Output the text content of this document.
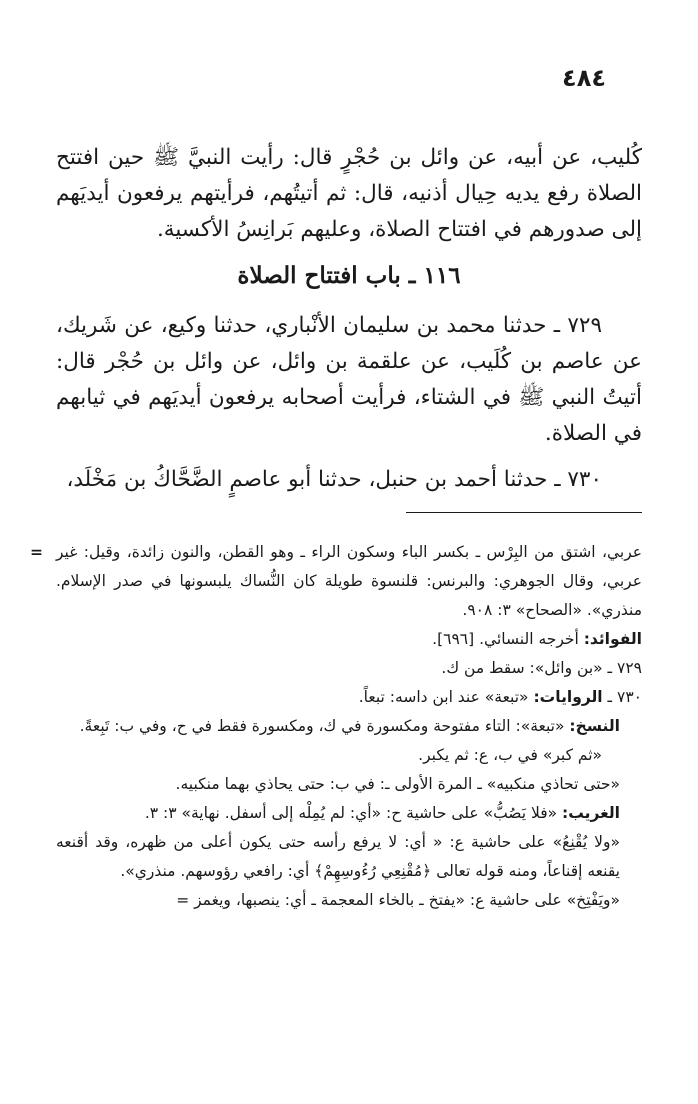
٤٨٤

كُليب، عن أبيه، عن وائل بن حُجْرٍ قال: رأيت النبيَّ ﷺ حين افتتح الصلاة رفع يديه حِيال أذنيه، قال: ثم أتيتُهم، فرأيتهم يرفعون أيديَهم إلى صدورهم في افتتاح الصلاة، وعليهم بَرانِسُ الأكسية.

١١٦ ـ باب افتتاح الصلاة

٧٢٩ ـ حدثنا محمد بن سليمان الأنْباري، حدثنا وكيع، عن شَريك، عن عاصم بن كُلَيب، عن علقمة بن وائل، عن وائل بن حُجْر قال: أتيتُ النبي ﷺ في الشتاء، فرأيت أصحابه يرفعون أيديَهم في ثيابهم في الصلاة.

٧٣٠ ـ حدثنا أحمد بن حنبل، حدثنا أبو عاصمٍ الضَّحَّاكُ بن مَخْلَد،

= عربي، اشتق من البِرْس ـ بكسر الباء وسكون الراء ـ وهو القطن، والنون زائدة، وقيل: غير عربي، وقال الجوهري: والبرنس: قلنسوة طويلة كان النُّساك يلبسونها في صدر الإسلام. منذري». «الصحاح» ٣: ٩٠٨.

الفوائد: أخرجه النسائي. [٦٩٦].

٧٢٩ ـ «بن وائل»: سقط من ك.

٧٣٠ ـ الروايات: «تبعة» عند ابن داسه: تبعاً.

النسخ: «تبعة»: التاء مفتوحة ومكسورة في ك، ومكسورة فقط في ح، وفي ب: تَبِعةً.

«ثم كبر» في ب، ع: ثم يكبر.

«حتى تحاذي منكبيه» ـ المرة الأولى ـ: في ب: حتى يحاذي بهما منكبيه.

الغريب: «فلا يَصُبُّ» على حاشية ح: «أي: لم يُمِلْه إلى أسفل. نهاية» ٣: ٣.

«ولا يُقْنِعُ» على حاشية ع: « أي: لا يرفع رأسه حتى يكون أعلى من ظهره، وقد أقنعه يقنعه إقناعاً، ومنه قوله تعالى ﴿مُقْنِعِي رُءُوسِهِمْ﴾ أي: رافعي رؤوسهم. منذري».

«ويَفْتِخ» على حاشية ع: «يفتخ ـ بالخاء المعجمة ـ أي: ينصبها، ويغمز =
